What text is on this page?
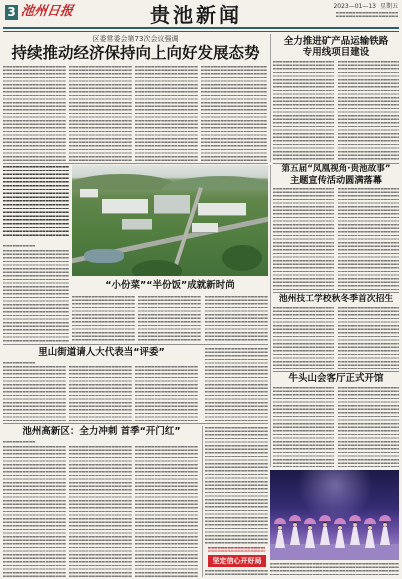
3 池州日报	贵池新闻	2023—01—13 星期五
区委常委会第73次会议强调
持续推动经济保持向上向好发展态势
全力推进矿产品运输铁路
专用线项目建设
“小份菜”“半份饭”成就新时尚
里山街道请人大代表当“评委”
池州高新区：全力冲刺 首季“开门红”
坚定信心开好局
第五届“凤凰视角·贵池故事”
主题宣传活动圆满落幕
池州技工学校秋冬季首次招生
牛头山会客厅正式开馆
